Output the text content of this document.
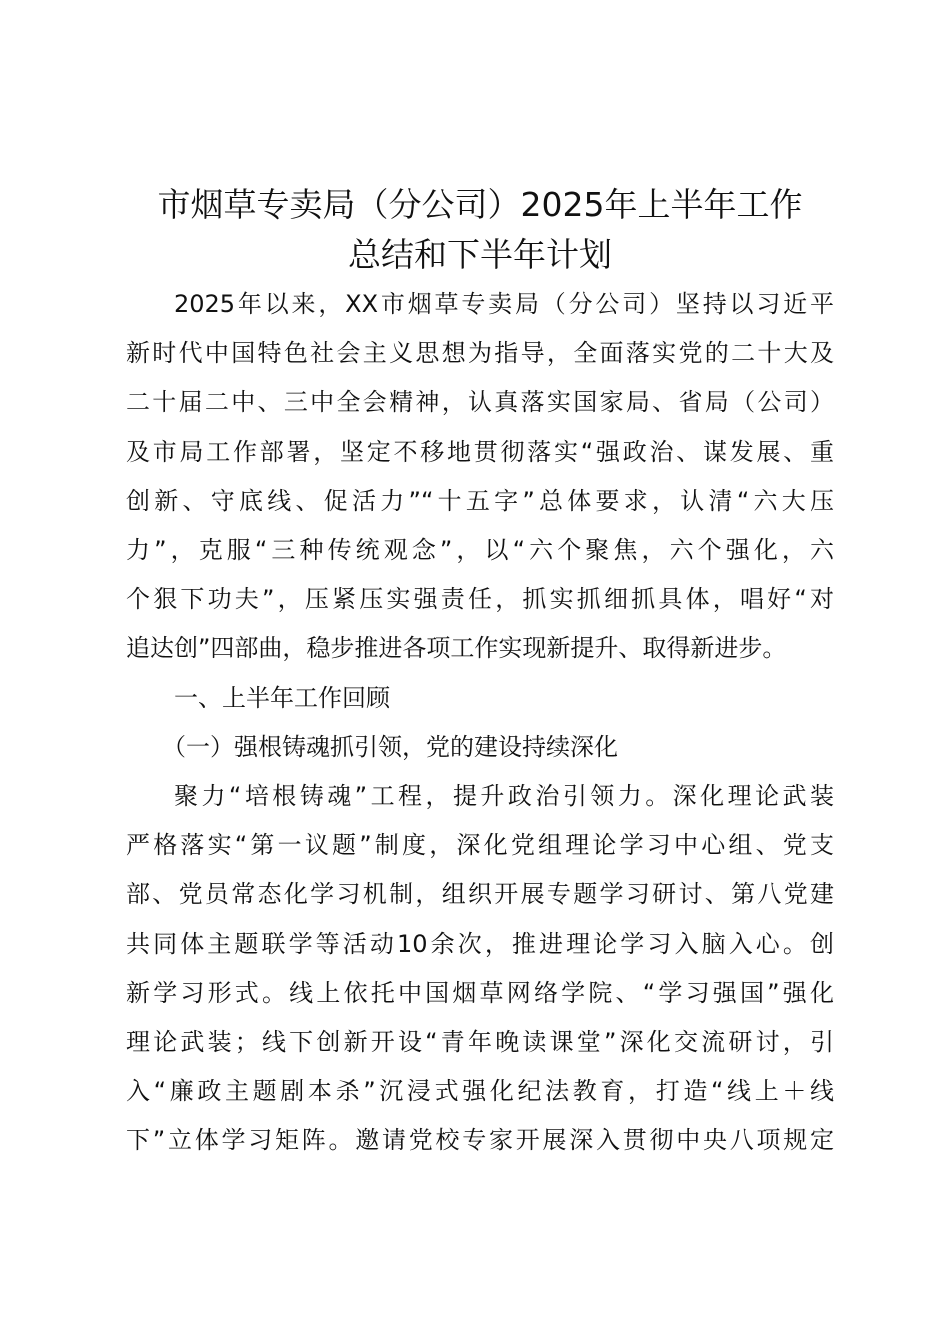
市烟草专卖局（分公司）2025年上半年工作
总结和下半年计划
2025年以来，XX市烟草专卖局（分公司）坚持以习近平
新时代中国特色社会主义思想为指导，全面落实党的二十大及
二十届二中、三中全会精神，认真落实国家局、省局（公司）
及市局工作部署，坚定不移地贯彻落实“强政治、谋发展、重
创新、守底线、促活力”“十五字”总体要求，认清“六大压
力”，克服“三种传统观念”，以“六个聚焦，六个强化，六
个狠下功夫”，压紧压实强责任，抓实抓细抓具体，唱好“对
追达创”四部曲，稳步推进各项工作实现新提升、取得新进步。

一、上半年工作回顾

（一）强根铸魂抓引领，党的建设持续深化

聚力“培根铸魂”工程，提升政治引领力。深化理论武装
严格落实“第一议题”制度，深化党组理论学习中心组、党支
部、党员常态化学习机制，组织开展专题学习研讨、第八党建
共同体主题联学等活动10余次，推进理论学习入脑入心。创
新学习形式。线上依托中国烟草网络学院、“学习强国”强化
理论武装；线下创新开设“青年晚读课堂”深化交流研讨，引
入“廉政主题剧本杀”沉浸式强化纪法教育，打造“线上＋线
下”立体学习矩阵。邀请党校专家开展深入贯彻中央八项规定
